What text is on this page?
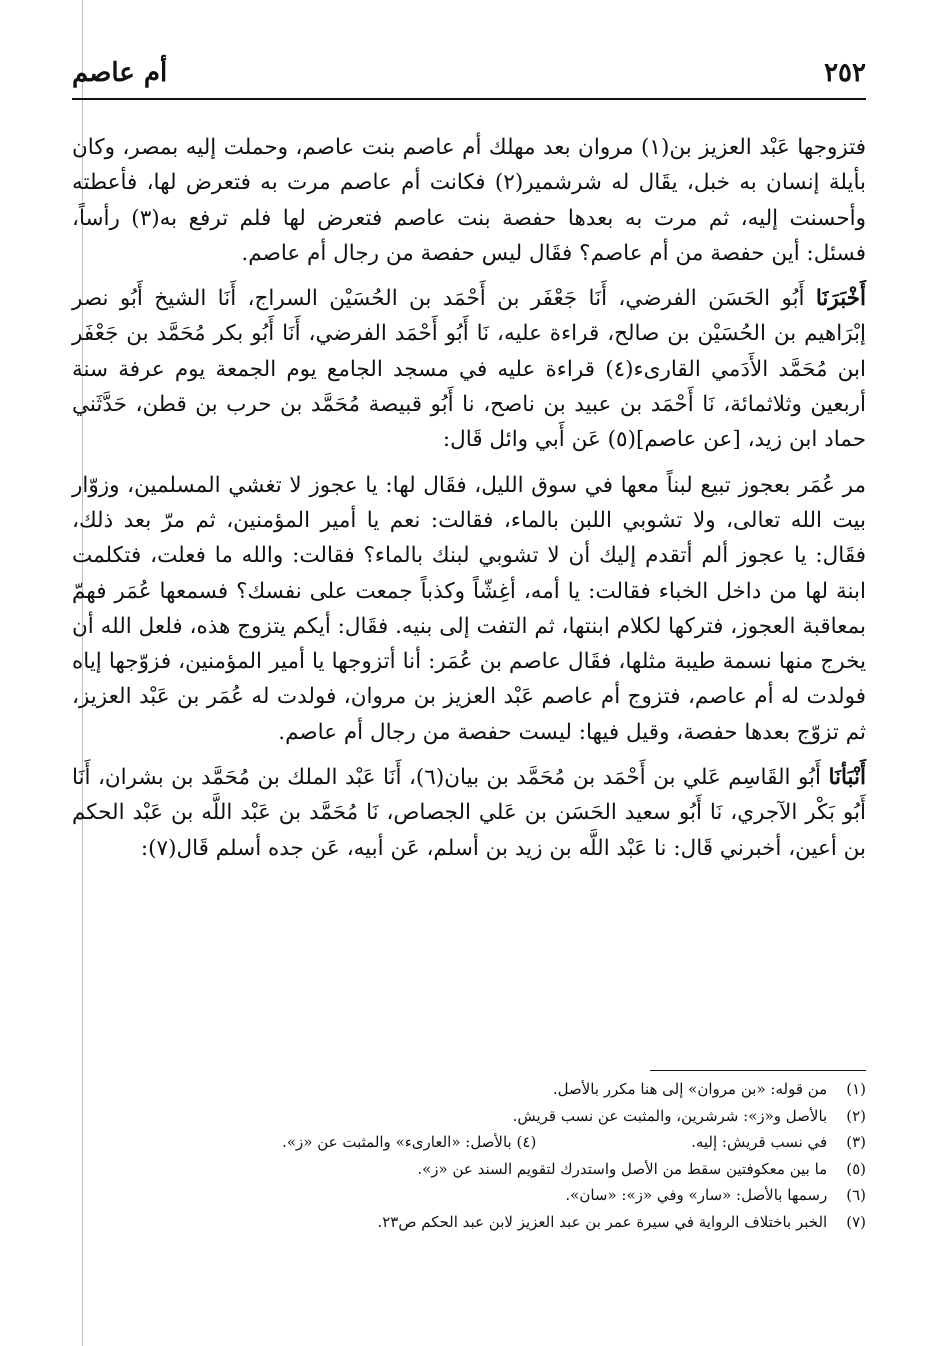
٢٥٢
أم عاصم

فتزوجها عَبْد العزيز بن(١) مروان بعد مهلك أم عاصم بنت عاصم، وحملت إليه بمصر، وكان بأيلة إنسان به خبل، يقَال له شرشمير(٢) فكانت أم عاصم مرت به فتعرض لها، فأعطته وأحسنت إليه، ثم مرت به بعدها حفصة بنت عاصم فتعرض لها فلم ترفع به(٣) رأساً، فسئل: أين حفصة من أم عاصم؟ فقَال ليس حفصة من رجال أم عاصم.

أَخْبَرَنَا أَبُو الحَسَن الفرضي، أَنَا جَعْفَر بن أَحْمَد بن الحُسَيْن السراج، أَنَا الشيخ أَبُو نصر إبْرَاهيم بن الحُسَيْن بن صالح، قراءة عليه، نَا أَبُو أَحْمَد الفرضي، أَنَا أَبُو بكر مُحَمَّد بن جَعْفَر ابن مُحَمَّد الأَدَمي القارىء(٤) قراءة عليه في مسجد الجامع يوم الجمعة يوم عرفة سنة أربعين وثلاثمائة، نَا أَحْمَد بن عبيد بن ناصح، نا أَبُو قبيصة مُحَمَّد بن حرب بن قطن، حَدَّثَني حماد ابن زيد، [عن عاصم](٥) عَن أَبي وائل قَال:

مر عُمَر بعجوز تبيع لبناً معها في سوق الليل، فقَال لها: يا عجوز لا تغشي المسلمين، وزوّار بيت الله تعالى، ولا تشوبي اللبن بالماء، فقالت: نعم يا أمير المؤمنين، ثم مرّ بعد ذلك، فقَال: يا عجوز ألم أتقدم إليك أن لا تشوبي لبنك بالماء؟ فقالت: والله ما فعلت، فتكلمت ابنة لها من داخل الخباء فقالت: يا أمه، أغِشّاً وكذباً جمعت على نفسك؟ فسمعها عُمَر فهمّ بمعاقبة العجوز، فتركها لكلام ابنتها، ثم التفت إلى بنيه. فقَال: أيكم يتزوج هذه، فلعل الله أن يخرج منها نسمة طيبة مثلها، فقَال عاصم بن عُمَر: أنا أتزوجها يا أمير المؤمنين، فزوّجها إياه فولدت له أم عاصم، فتزوج أم عاصم عَبْد العزيز بن مروان، فولدت له عُمَر بن عَبْد العزيز، ثم تزوّج بعدها حفصة، وقيل فيها: ليست حفصة من رجال أم عاصم.

أَنْبَأنَا أَبُو القَاسِم عَلي بن أَحْمَد بن مُحَمَّد بن بيان(٦)، أَنَا عَبْد الملك بن مُحَمَّد بن بشران، أَنَا أَبُو بَكْر الآجري، نَا أَبُو سعيد الحَسَن بن عَلي الجصاص، نَا مُحَمَّد بن عَبْد اللَّه بن عَبْد الحكم بن أعين، أخبرني قَال: نا عَبْد اللَّه بن زيد بن أسلم، عَن أبيه، عَن جده أسلم قَال(٧):

(١) من قوله: «بن مروان» إلى هنا مكرر بالأصل.
(٢) بالأصل و«ز»: شرشرين، والمثبت عن نسب قريش.
(٣) في نسب قريش: إليه. (٤) بالأصل: «العارىء» والمثبت عن «ز».
(٥) ما بين معكوفتين سقط من الأصل واستدرك لتقويم السند عن «ز».
(٦) رسمها بالأصل: «سار» وفي «ز»: «سان».
(٧) الخبر باختلاف الرواية في سيرة عمر بن عبد العزيز لابن عبد الحكم ص٢٣.
